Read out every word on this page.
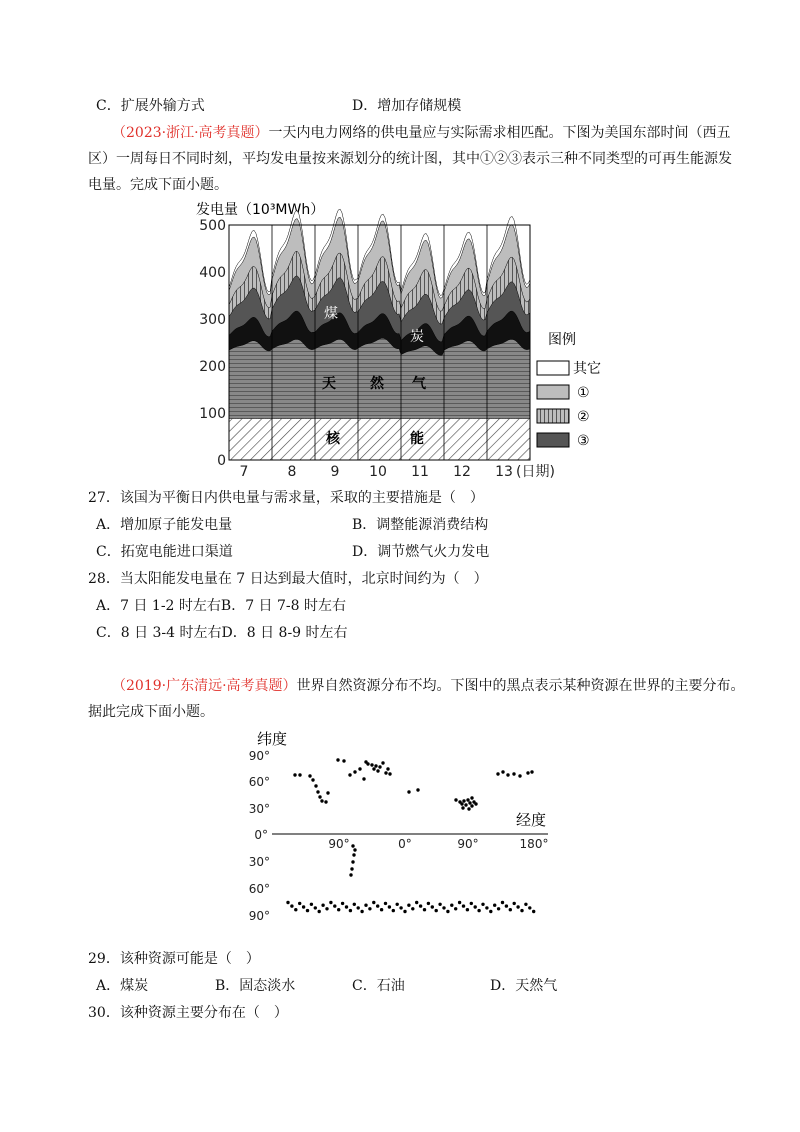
C．扩展外输方式	D．增加存储规模
（2023·浙江·高考真题）一天内电力网络的供电量应与实际需求相匹配。下图为美国东部时间（西五
区）一周每日不同时刻，平均发电量按来源划分的统计图，其中①②③表示三种不同类型的可再生能源发
电量。完成下面小题。
发电量（10³MWh）
500
400
300
200
100
0
7	8 9 10 11 12 13 (日期)
煤
炭
天 然 气
核	能
图例
其它
①
②
③
27．该国为平衡日内供电量与需求量，采取的主要措施是（　）
A．增加原子能发电量	B．调整能源消费结构
C．拓宽电能进口渠道	D．调节燃气火力发电
28．当太阳能发电量在 7 日达到最大值时，北京时间约为（　）
A．7 日 1-2 时左右B．7 日 7-8 时左右
C．8 日 3-4 时左右D．8 日 8-9 时左右
（2019·广东清远·高考真题）世界自然资源分布不均。下图中的黑点表示某种资源在世界的主要分布。
据此完成下面小题。
纬度
经度
90°
60°
30°
0°
30°
60°
90°
90°	0°	90°	180°
29．该种资源可能是（　）
A．煤炭	B．固态淡水	C．石油	D．天然气
30．该种资源主要分布在（　）
